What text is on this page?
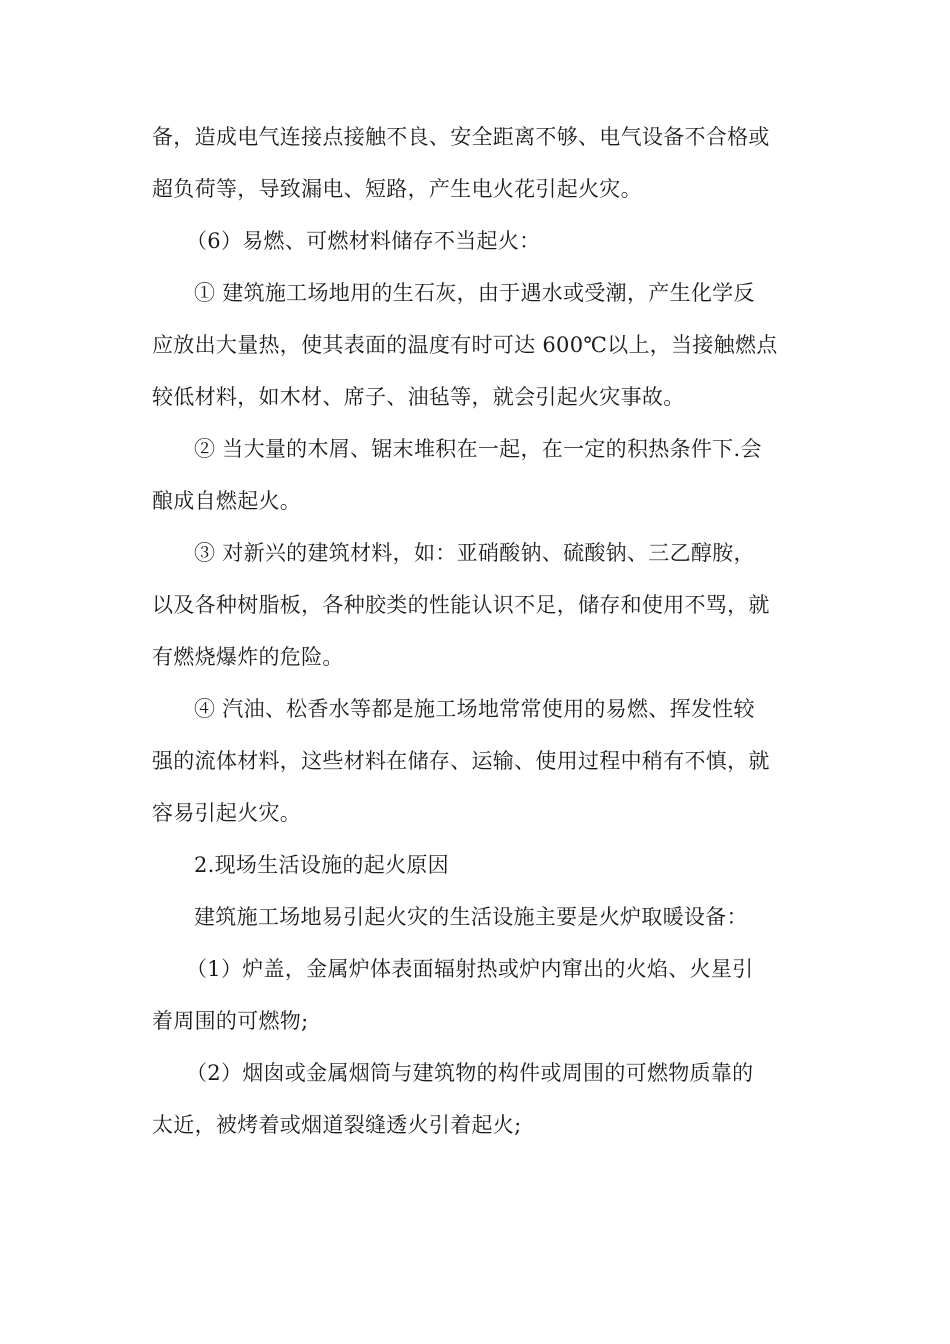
备，造成电气连接点接触不良、安全距离不够、电气设备不合格或
超负荷等，导致漏电、短路，产生电火花引起火灾。
（6）易燃、可燃材料储存不当起火：
① 建筑施工场地用的生石灰，由于遇水或受潮，产生化学反
应放出大量热，使其表面的温度有时可达 600℃以上，当接触燃点
较低材料，如木材、席子、油毡等，就会引起火灾事故。
② 当大量的木屑、锯末堆积在一起，在一定的积热条件下.会
酿成自燃起火。
③ 对新兴的建筑材料，如：亚硝酸钠、硫酸钠、三乙醇胺，
以及各种树脂板，各种胶类的性能认识不足，储存和使用不骂，就
有燃烧爆炸的危险。
④ 汽油、松香水等都是施工场地常常使用的易燃、挥发性较
强的流体材料，这些材料在储存、运输、使用过程中稍有不慎，就
容易引起火灾。
2.现场生活设施的起火原因
建筑施工场地易引起火灾的生活设施主要是火炉取暖设备：
（1）炉盖，金属炉体表面辐射热或炉内窜出的火焰、火星引
着周围的可燃物;
（2）烟囱或金属烟筒与建筑物的构件或周围的可燃物质靠的
太近，被烤着或烟道裂缝透火引着起火;
